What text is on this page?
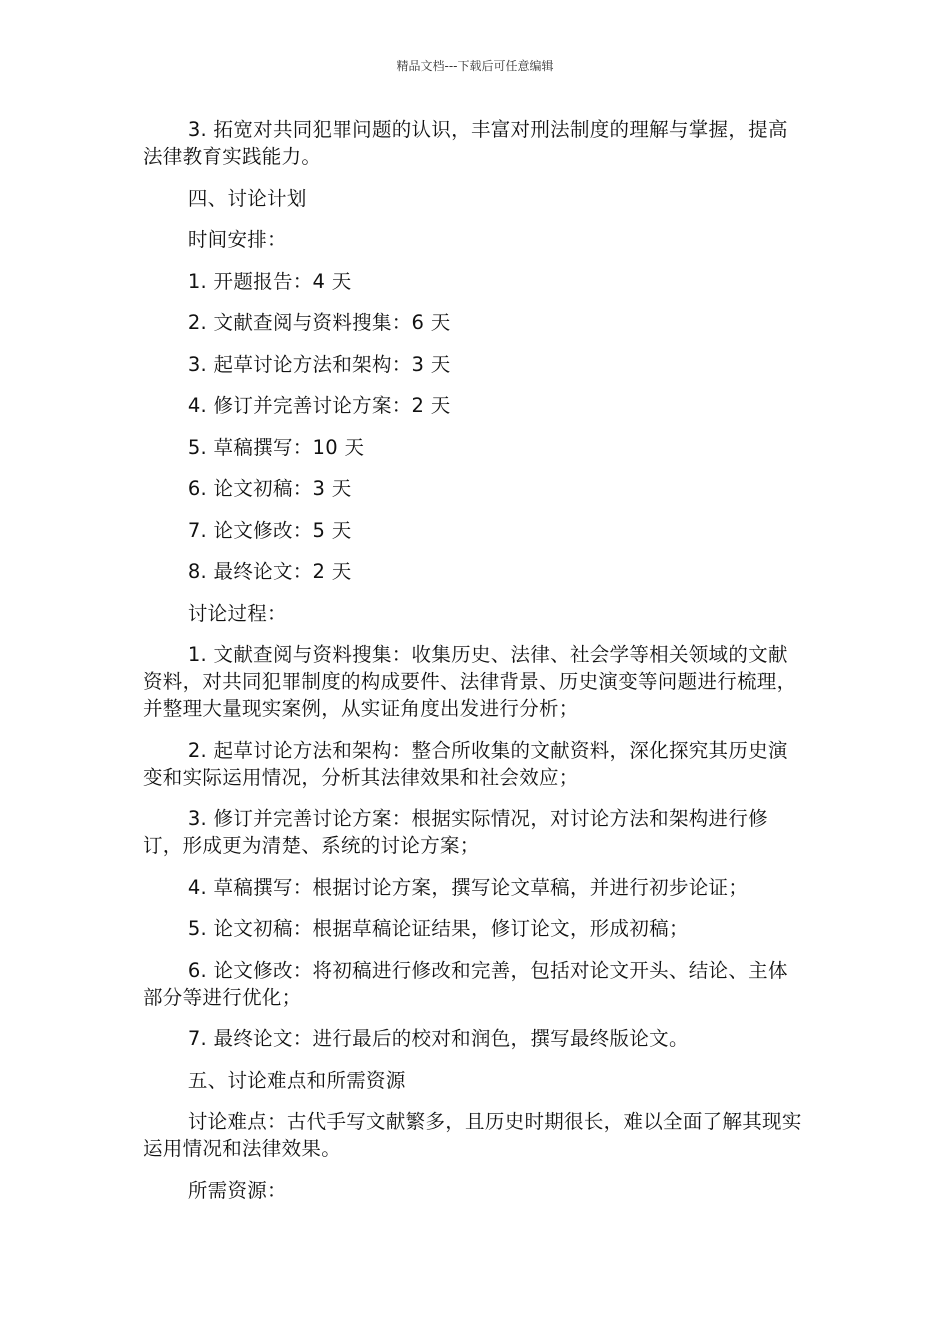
精品文档---下载后可任意编辑

3. 拓宽对共同犯罪问题的认识，丰富对刑法制度的理解与掌握，提高法律教育实践能力。

四、讨论计划

时间安排：

1. 开题报告：4 天

2. 文献查阅与资料搜集：6 天

3. 起草讨论方法和架构：3 天

4. 修订并完善讨论方案：2 天

5. 草稿撰写：10 天

6. 论文初稿：3 天

7. 论文修改：5 天

8. 最终论文：2 天

讨论过程：

1. 文献查阅与资料搜集：收集历史、法律、社会学等相关领域的文献资料，对共同犯罪制度的构成要件、法律背景、历史演变等问题进行梳理，并整理大量现实案例，从实证角度出发进行分析；

2. 起草讨论方法和架构：整合所收集的文献资料，深化探究其历史演变和实际运用情况，分析其法律效果和社会效应；

3. 修订并完善讨论方案：根据实际情况，对讨论方法和架构进行修订，形成更为清楚、系统的讨论方案；

4. 草稿撰写：根据讨论方案，撰写论文草稿，并进行初步论证；

5. 论文初稿：根据草稿论证结果，修订论文，形成初稿；

6. 论文修改：将初稿进行修改和完善，包括对论文开头、结论、主体部分等进行优化；

7. 最终论文：进行最后的校对和润色，撰写最终版论文。

五、讨论难点和所需资源

讨论难点：古代手写文献繁多，且历史时期很长，难以全面了解其现实运用情况和法律效果。

所需资源：
